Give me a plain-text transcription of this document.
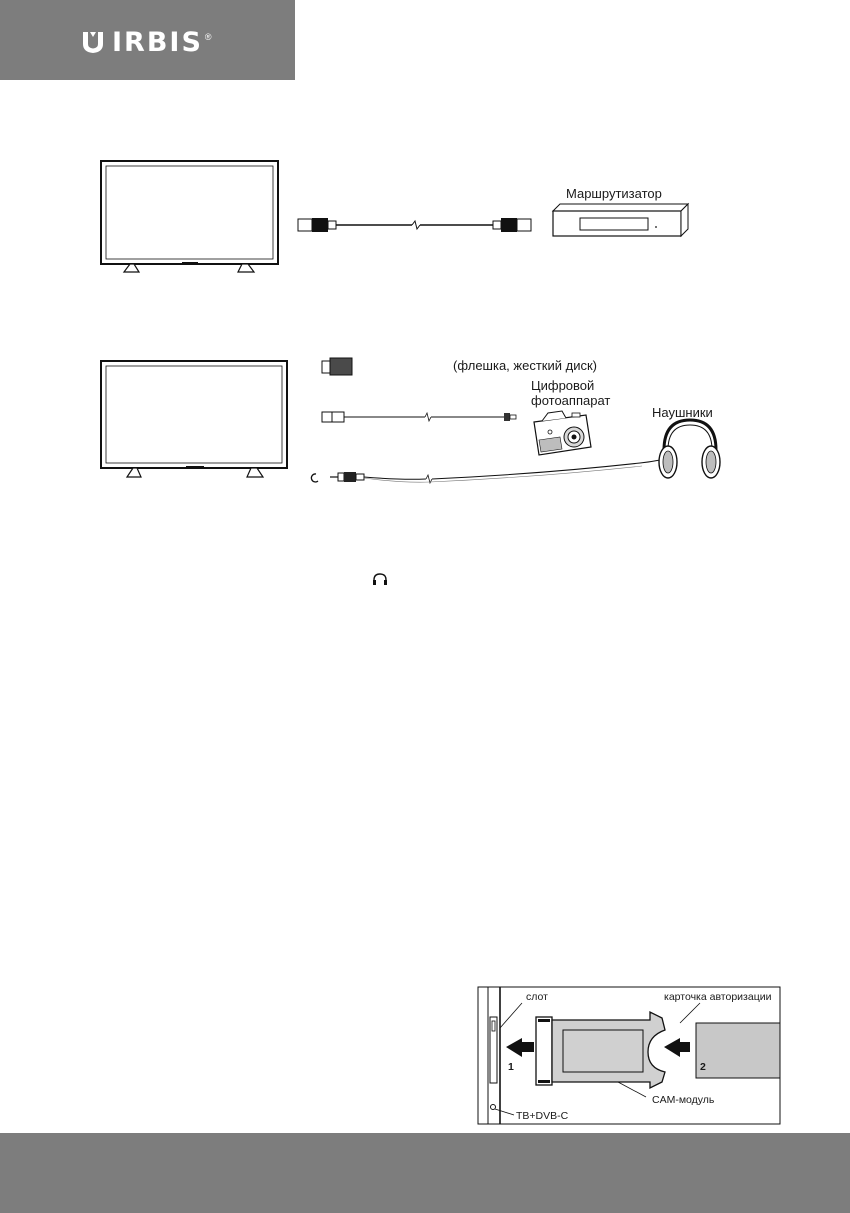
IRBIS ®
Маршрутизатор
(флешка, жесткий диск)
Цифровой
фотоаппарат
Наушники
слот	карточка авторизации
CAM-модуль
ТВ+DVB-C
1	2
